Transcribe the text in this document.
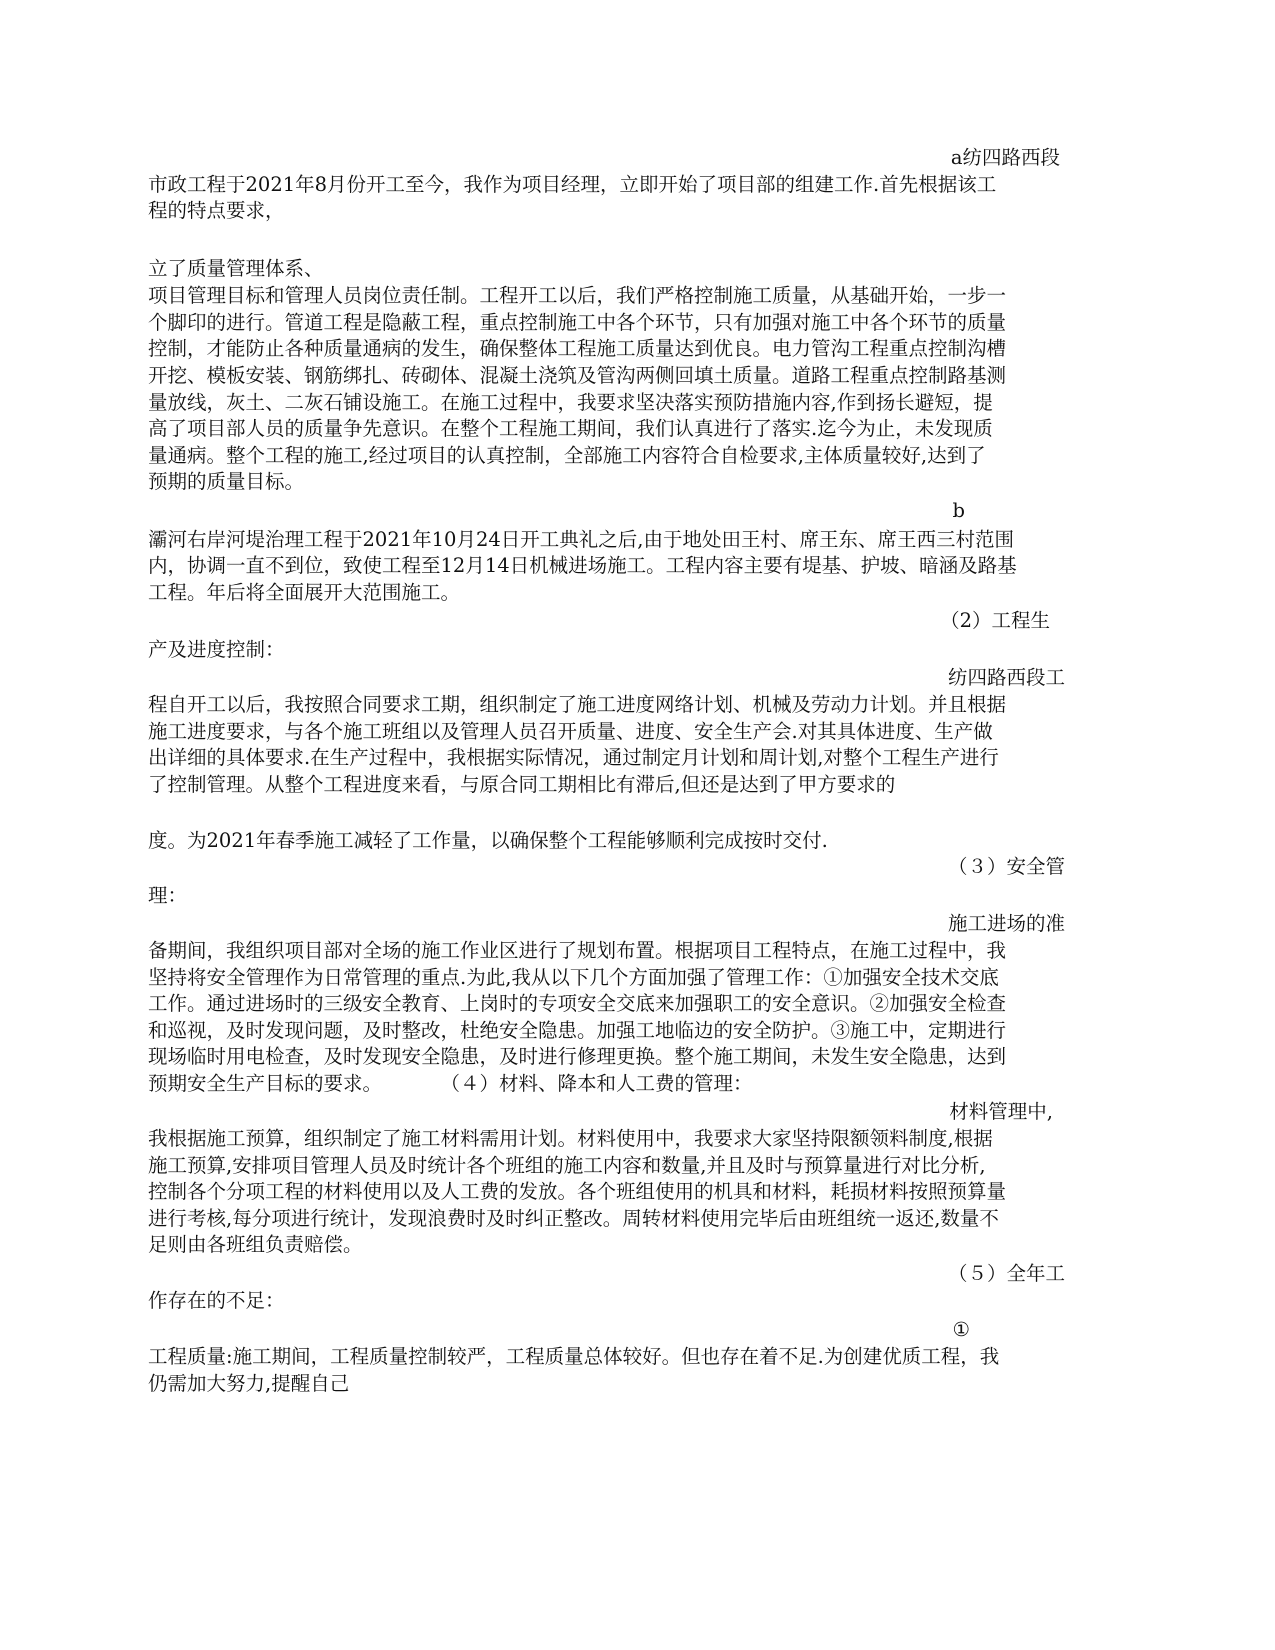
a纺四路西段
市政工程于2021年8月份开工至今，我作为项目经理，立即开始了项目部的组建工作.首先根据该工
程的特点要求，
立了质量管理体系、
项目管理目标和管理人员岗位责任制。工程开工以后，我们严格控制施工质量，从基础开始，一步一
个脚印的进行。管道工程是隐蔽工程，重点控制施工中各个环节，只有加强对施工中各个环节的质量
控制，才能防止各种质量通病的发生，确保整体工程施工质量达到优良。电力管沟工程重点控制沟槽
开挖、模板安装、钢筋绑扎、砖砌体、混凝土浇筑及管沟两侧回填土质量。道路工程重点控制路基测
量放线，灰土、二灰石铺设施工。在施工过程中，我要求坚决落实预防措施内容,作到扬长避短，提
高了项目部人员的质量争先意识。在整个工程施工期间，我们认真进行了落实.迄今为止，未发现质
量通病。整个工程的施工,经过项目的认真控制，全部施工内容符合自检要求,主体质量较好,达到了
预期的质量目标。
b
灞河右岸河堤治理工程于2021年10月24日开工典礼之后,由于地处田王村、席王东、席王西三村范围
内，协调一直不到位，致使工程至12月14日机械进场施工。工程内容主要有堤基、护坡、暗涵及路基
工程。年后将全面展开大范围施工。
（2）工程生
产及进度控制：
纺四路西段工
程自开工以后，我按照合同要求工期，组织制定了施工进度网络计划、机械及劳动力计划。并且根据
施工进度要求，与各个施工班组以及管理人员召开质量、进度、安全生产会.对其具体进度、生产做
出详细的具体要求.在生产过程中，我根据实际情况，通过制定月计划和周计划,对整个工程生产进行
了控制管理。从整个工程进度来看，与原合同工期相比有滞后,但还是达到了甲方要求的
度。为2021年春季施工减轻了工作量，以确保整个工程能够顺利完成按时交付.
（３）安全管
理：
施工进场的准
备期间，我组织项目部对全场的施工作业区进行了规划布置。根据项目工程特点，在施工过程中，我
坚持将安全管理作为日常管理的重点.为此,我从以下几个方面加强了管理工作：①加强安全技术交底
工作。通过进场时的三级安全教育、上岗时的专项安全交底来加强职工的安全意识。②加强安全检查
和巡视，及时发现问题，及时整改，杜绝安全隐患。加强工地临边的安全防护。③施工中，定期进行
现场临时用电检查，及时发现安全隐患，及时进行修理更换。整个施工期间，未发生安全隐患，达到
预期安全生产目标的要求。　　　　（４）材料、降本和人工费的管理：
材料管理中,
我根据施工预算，组织制定了施工材料需用计划。材料使用中，我要求大家坚持限额领料制度,根据
施工预算,安排项目管理人员及时统计各个班组的施工内容和数量,并且及时与预算量进行对比分析,
控制各个分项工程的材料使用以及人工费的发放。各个班组使用的机具和材料，耗损材料按照预算量
进行考核,每分项进行统计，发现浪费时及时纠正整改。周转材料使用完毕后由班组统一返还,数量不
足则由各班组负责赔偿。
（５）全年工
作存在的不足：
①
工程质量:施工期间，工程质量控制较严，工程质量总体较好。但也存在着不足.为创建优质工程，我
仍需加大努力,提醒自己
